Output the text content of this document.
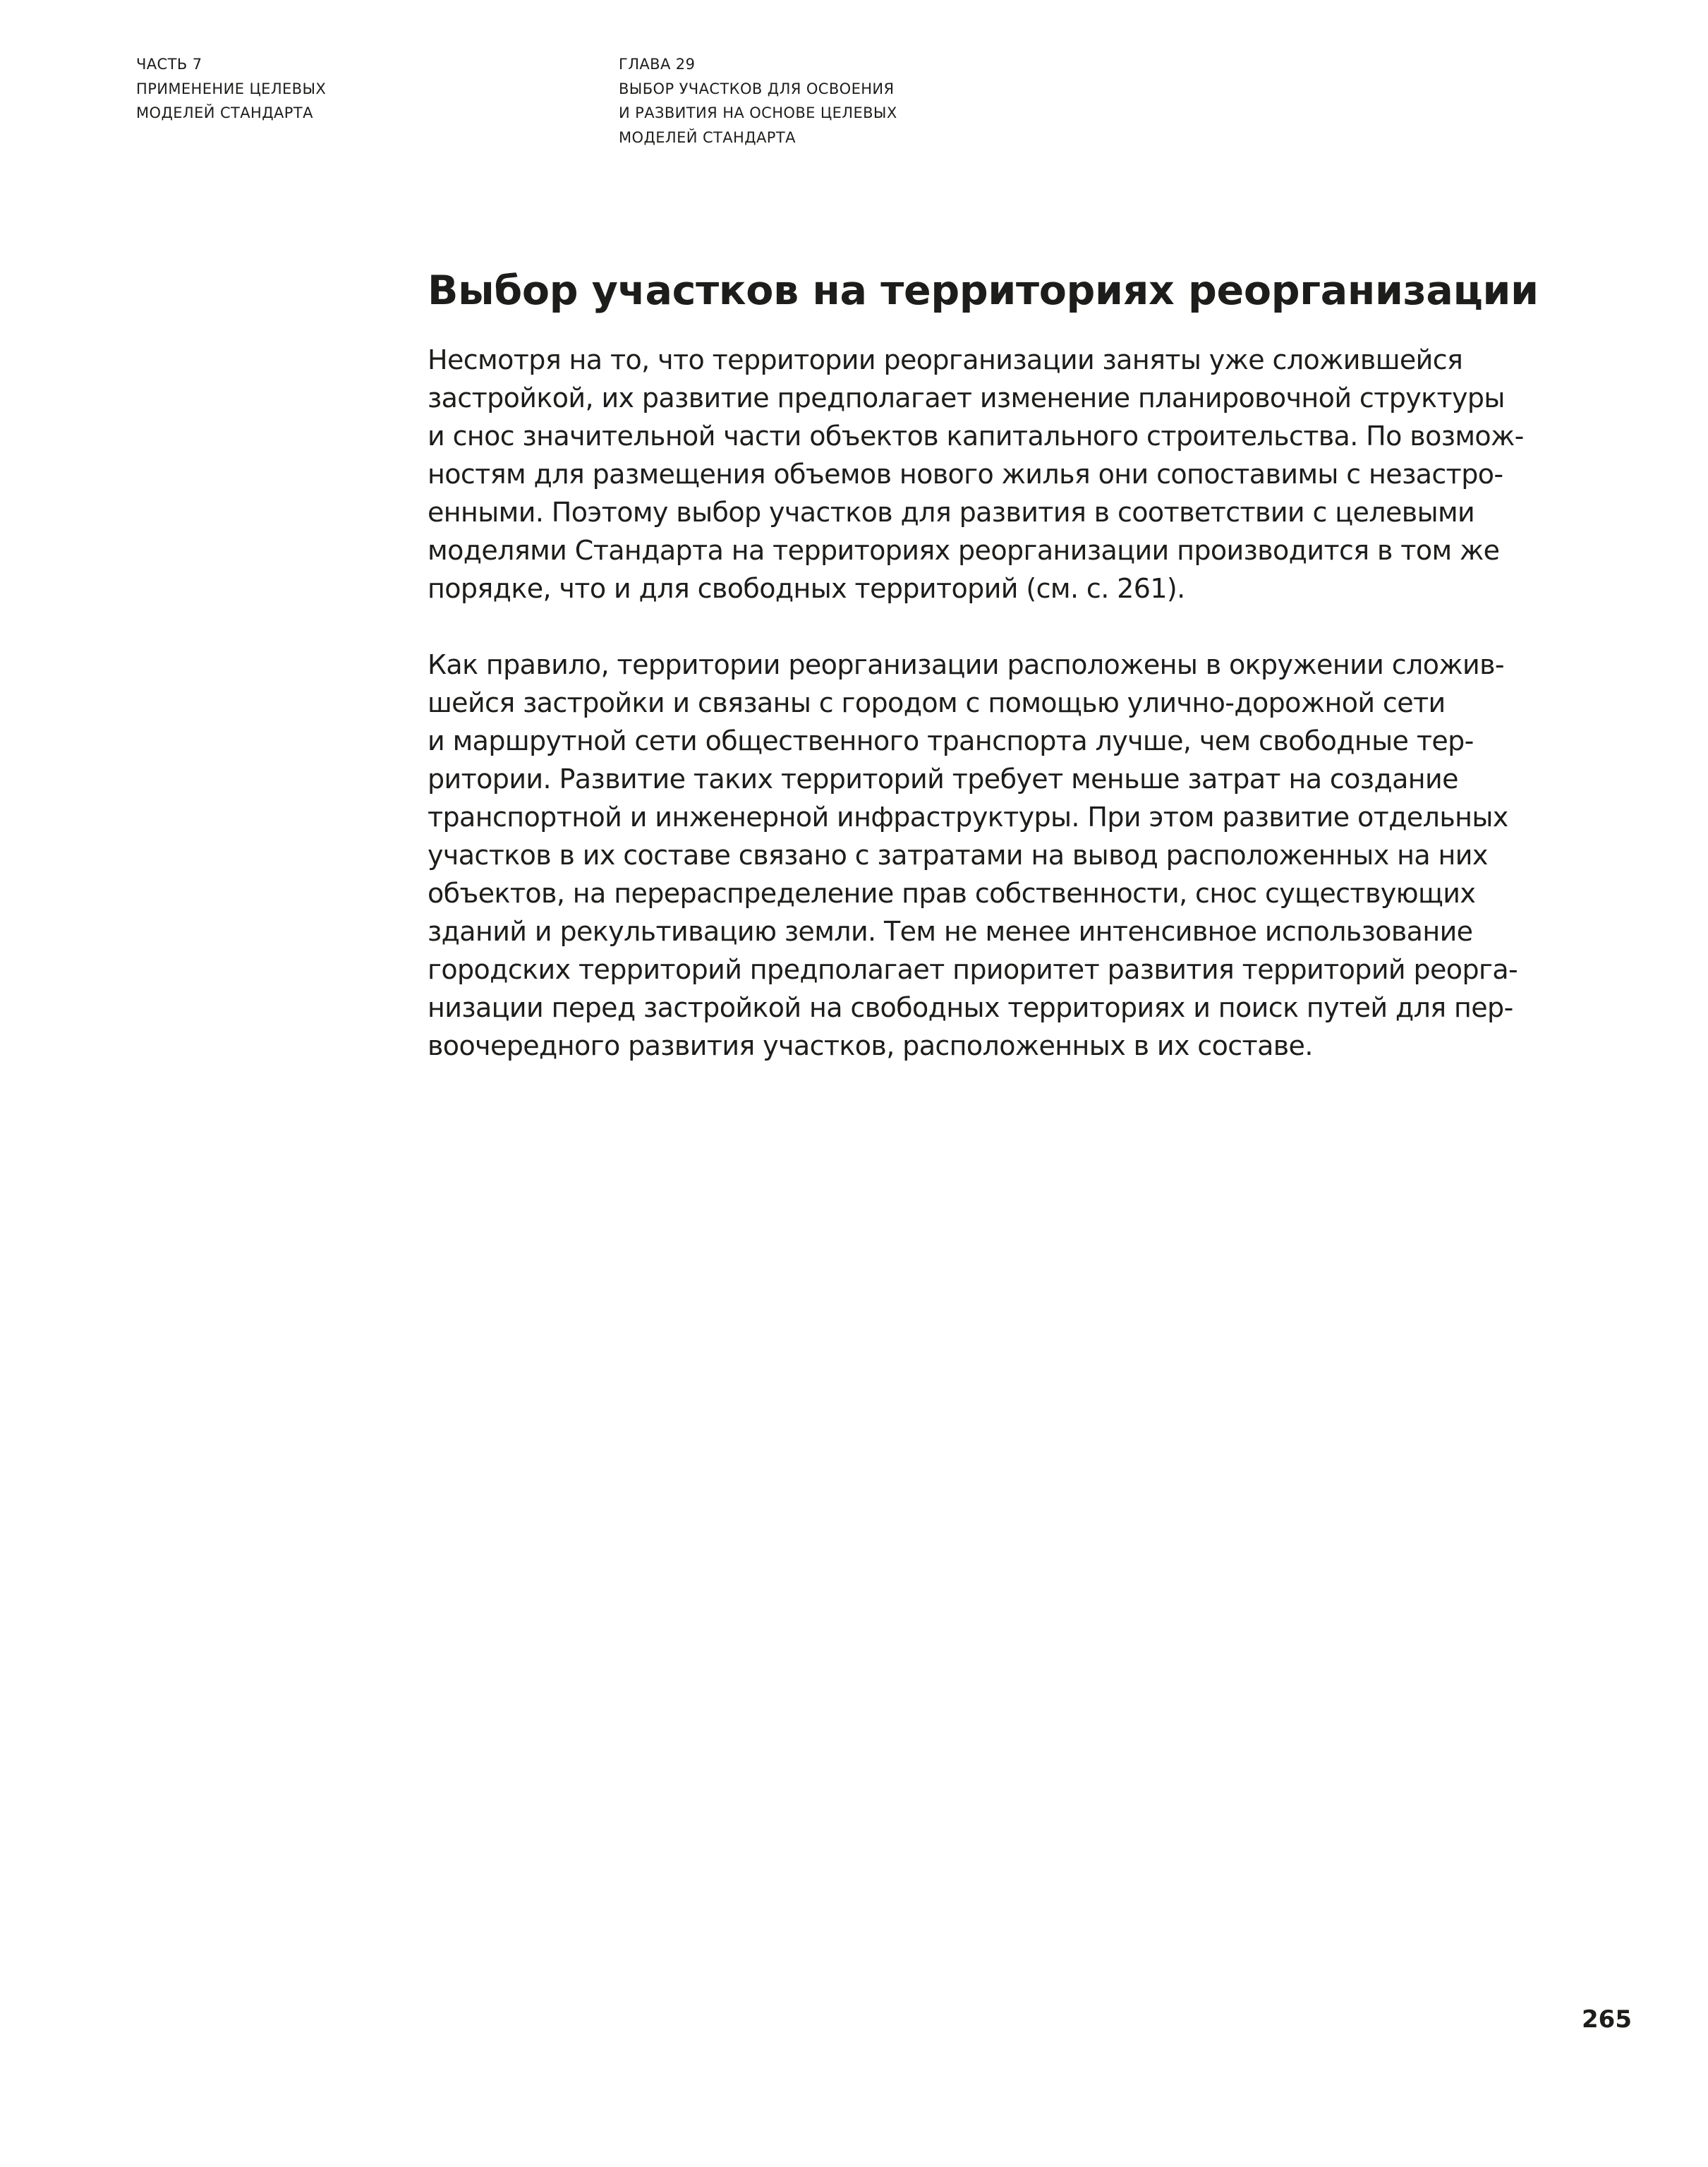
ЧАСТЬ 7
ПРИМЕНЕНИЕ ЦЕЛЕВЫХ
МОДЕЛЕЙ СТАНДАРТА
ГЛАВА 29
ВЫБОР УЧАСТКОВ ДЛЯ ОСВОЕНИЯ
И РАЗВИТИЯ НА ОСНОВЕ ЦЕЛЕВЫХ
МОДЕЛЕЙ СТАНДАРТА
Выбор участков на территориях реорганизации

Несмотря на то, что территории реорганизации заняты уже сложившейся
застройкой, их развитие предполагает изменение планировочной структуры
и снос значительной части объектов капитального строительства. По возмож-
ностям для размещения объемов нового жилья они сопоставимы с незастро-
енными. Поэтому выбор участков для развития в соответствии с целевыми
моделями Стандарта на территориях реорганизации производится в том же
порядке, что и для свободных территорий (см. с. 261).

Как правило, территории реорганизации расположены в окружении сложив-
шейся застройки и связаны с городом с помощью улично-дорожной сети
и маршрутной сети общественного транспорта лучше, чем свободные тер-
ритории. Развитие таких территорий требует меньше затрат на создание
транспортной и инженерной инфраструктуры. При этом развитие отдельных
участков в их составе связано с затратами на вывод расположенных на них
объектов, на перераспределение прав собственности, снос существующих
зданий и рекультивацию земли. Тем не менее интенсивное использование
городских территорий предполагает приоритет развития территорий реорга-
низации перед застройкой на свободных территориях и поиск путей для пер-
воочередного развития участков, расположенных в их составе.

265
